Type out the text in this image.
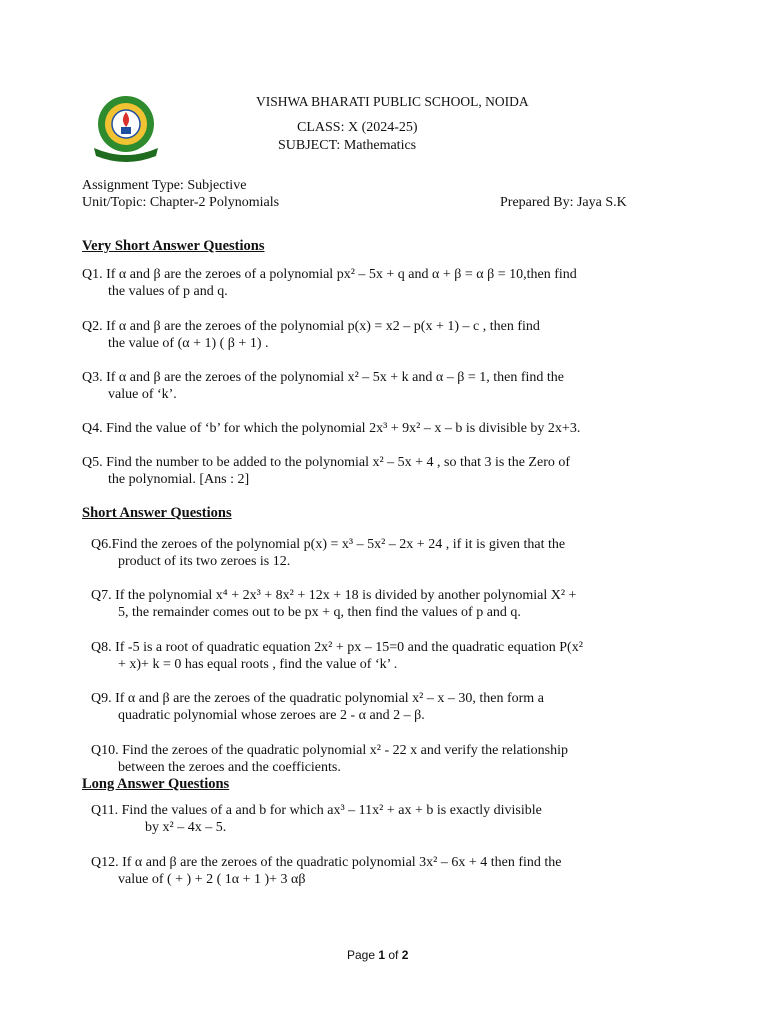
VISHWA BHARATI PUBLIC SCHOOL, NOIDA
CLASS: X (2024-25)
SUBJECT: Mathematics
Assignment Type: Subjective
Unit/Topic: Chapter-2 Polynomials	Prepared By: Jaya S.K
Very Short Answer Questions
Q1. If α and β are the zeroes of a polynomial px² – 5x + q and α + β = α β = 10,then find
the values of p and q.
Q2. If α and β are the zeroes of the polynomial p(x) = x2 – p(x + 1) – c , then find
the value of (α + 1) ( β + 1) .
Q3. If α and β are the zeroes of the polynomial x² – 5x + k and α – β = 1, then find the
value of ‘k’.
Q4. Find the value of ‘b’ for which the polynomial 2x³ + 9x² – x – b is divisible by 2x+3.
Q5. Find the number to be added to the polynomial x² – 5x + 4 , so that 3 is the Zero of
the polynomial. [Ans : 2]
Short Answer Questions
Q6.Find the zeroes of the polynomial p(x) = x³ – 5x² – 2x + 24 , if it is given that the
product of its two zeroes is 12.
Q7. If the polynomial x⁴ + 2x³ + 8x² + 12x + 18 is divided by another polynomial X² +
5, the remainder comes out to be px + q, then find the values of p and q.
Q8. If -5 is a root of quadratic equation 2x² + px – 15=0 and the quadratic equation P(x²
+ x)+ k = 0 has equal roots , find the value of ‘k’ .
Q9. If α and β are the zeroes of the quadratic polynomial x² – x – 30, then form a
quadratic polynomial whose zeroes are 2 - α and 2 – β.
Q10. Find the zeroes of the quadratic polynomial x² - 22 x and verify the relationship
between the zeroes and the coefficients.
Long Answer Questions
Q11. Find the values of a and b for which ax³ – 11x² + ax + b is exactly divisible
by x² – 4x – 5.
Q12. If α and β are the zeroes of the quadratic polynomial 3x² – 6x + 4 then find the
value of ( + ) + 2 ( 1α + 1 )+ 3 αβ
Page 1 of 2
